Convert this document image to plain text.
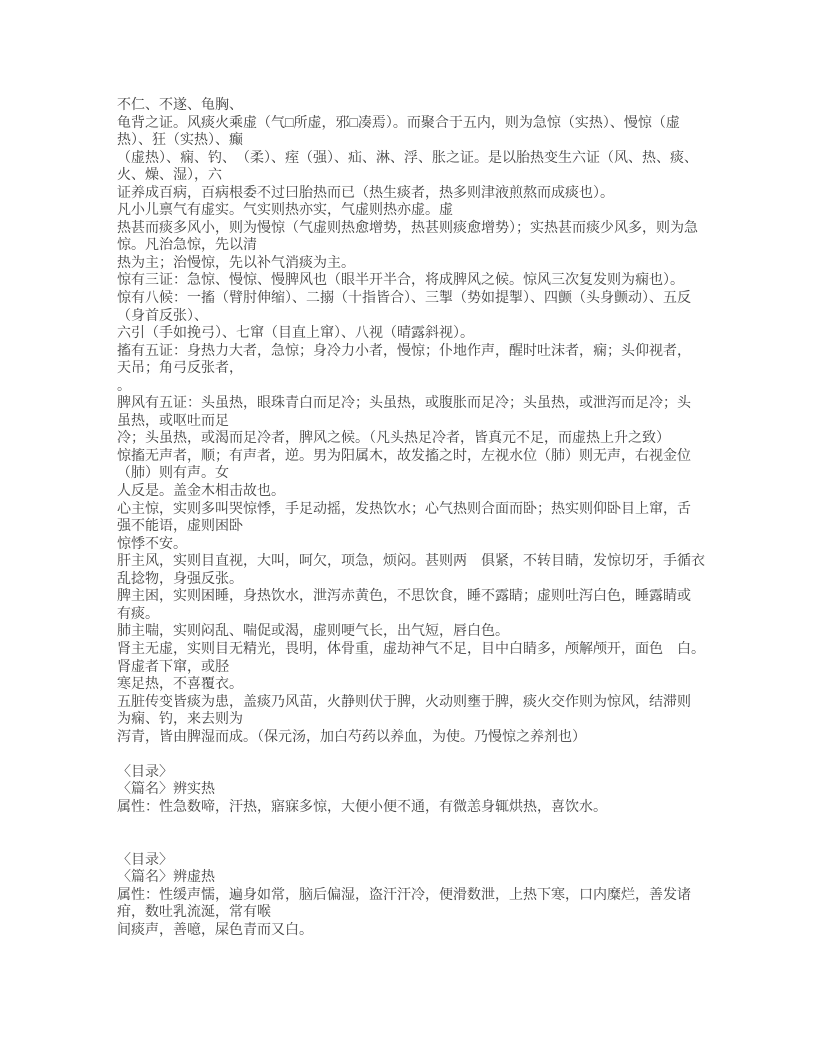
不仁、不遂、龟胸、
龟背之证。风痰火乘虚（气□所虚，邪□凑焉）。而聚合于五内，则为急惊（实热）、慢惊（虚
热）、狂（实热）、癫
（虚热）、痫、钓、　（柔）、痓（强）、疝、淋、浮、胀之证。是以胎热变生六证（风、热、痰、
火、燥、湿），六
证养成百病，百病根委不过曰胎热而已（热生痰者，热多则津液煎熬而成痰也）。
凡小儿禀气有虚实。气实则热亦实，气虚则热亦虚。虚
热甚而痰多风小，则为慢惊（气虚则热愈增势，热甚则痰愈增势）；实热甚而痰少风多，则为急
惊。凡治急惊，先以清
热为主；治慢惊，先以补气消痰为主。
惊有三证：急惊、慢惊、慢脾风也（眼半开半合，将成脾风之候。惊风三次复发则为痫也）。
惊有八候：一搐（臂肘伸缩）、二搦（十指皆合）、三掣（势如提掣）、四颤（头身颤动）、五反
（身首反张）、
六引（手如挽弓）、七窜（目直上窜）、八视（晴露斜视）。
搐有五证：身热力大者，急惊；身冷力小者，慢惊；仆地作声，醒时吐沫者，痫；头仰视者，
天吊；角弓反张者，
。
脾风有五证：头虽热，眼珠青白而足冷；头虽热，或腹胀而足冷；头虽热，或泄泻而足冷；头
虽热，或呕吐而足
冷；头虽热，或渴而足冷者，脾风之候。（凡头热足冷者，皆真元不足，而虚热上升之致）
惊搐无声者，顺；有声者，逆。男为阳属木，故发搐之时，左视水位（肺）则无声，右视金位
（肺）则有声。女
人反是。盖金木相击故也。
心主惊，实则多叫哭惊悸，手足动摇，发热饮水；心气热则合面而卧；热实则仰卧目上窜，舌
强不能语，虚则困卧
惊悸不安。
肝主风，实则目直视，大叫，呵欠，项急，烦闷。甚则两　俱紧，不转目睛，发惊切牙，手循衣
乱捻物，身强反张。
脾主困，实则困睡，身热饮水，泄泻赤黄色，不思饮食，睡不露睛；虚则吐泻白色，睡露睛或
有痰。
肺主喘，实则闷乱、喘促或渴，虚则哽气长，出气短，唇白色。
肾主无虚，实则目无精光，畏明，体骨重，虚劫神气不足，目中白睛多，颅解颅开，面色　白。
肾虚者下窜，或胫
寒足热，不喜覆衣。
五脏传变皆痰为患，盖痰乃风苗，火静则伏于脾，火动则壅于脾，痰火交作则为惊风，结滞则
为痫、钓，来去则为
泻青，皆由脾湿而成。（保元汤，加白芍药以养血，为使。乃慢惊之养剂也）

〈目录〉
〈篇名〉辨实热
属性：性急数啼，汗热，寤寐多惊，大便小便不通，有微恙身辄烘热，喜饮水。

〈目录〉
〈篇名〉辨虚热
属性：性缓声懦，遍身如常，脑后偏湿，盗汗汗冷，便滑数泄，上热下寒，口内糜烂，善发诸
疳，数吐乳流涎，常有喉
间痰声，善噫，屎色青而又白。
